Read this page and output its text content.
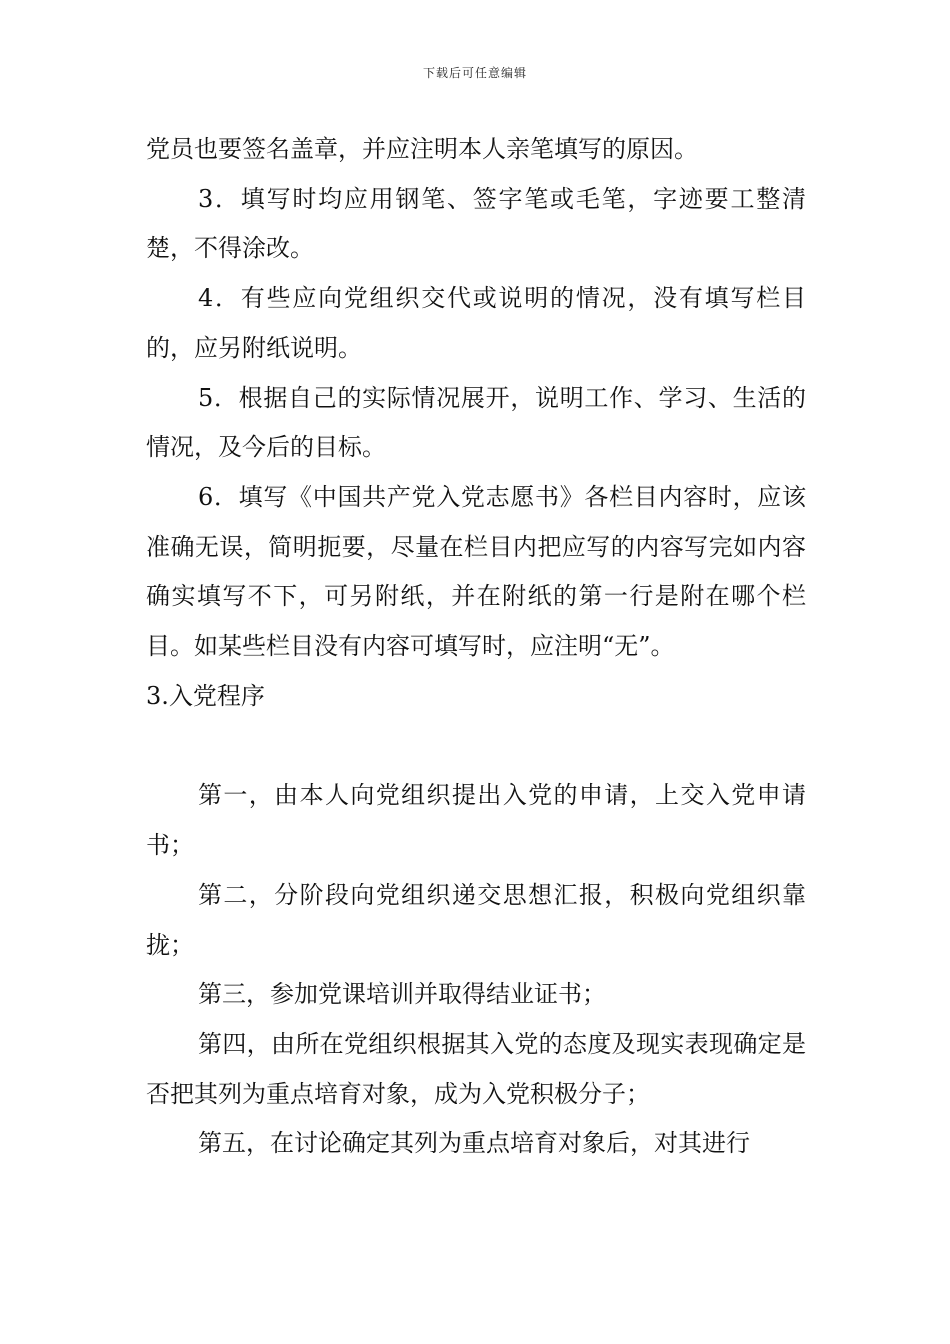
下载后可任意编辑

党员也要签名盖章，并应注明本人亲笔填写的原因。

3．填写时均应用钢笔、签字笔或毛笔，字迹要工整清楚，不得涂改。

4．有些应向党组织交代或说明的情况，没有填写栏目的，应另附纸说明。

5．根据自己的实际情况展开，说明工作、学习、生活的情况，及今后的目标。

6．填写《中国共产党入党志愿书》各栏目内容时，应该准确无误，简明扼要，尽量在栏目内把应写的内容写完如内容确实填写不下，可另附纸，并在附纸的第一行是附在哪个栏目。如某些栏目没有内容可填写时，应注明“无”。

3.入党程序

第一，由本人向党组织提出入党的申请，上交入党申请书；

第二，分阶段向党组织递交思想汇报，积极向党组织靠拢；

第三，参加党课培训并取得结业证书；

第四，由所在党组织根据其入党的态度及现实表现确定是否把其列为重点培育对象，成为入党积极分子；

第五，在讨论确定其列为重点培育对象后，对其进行
